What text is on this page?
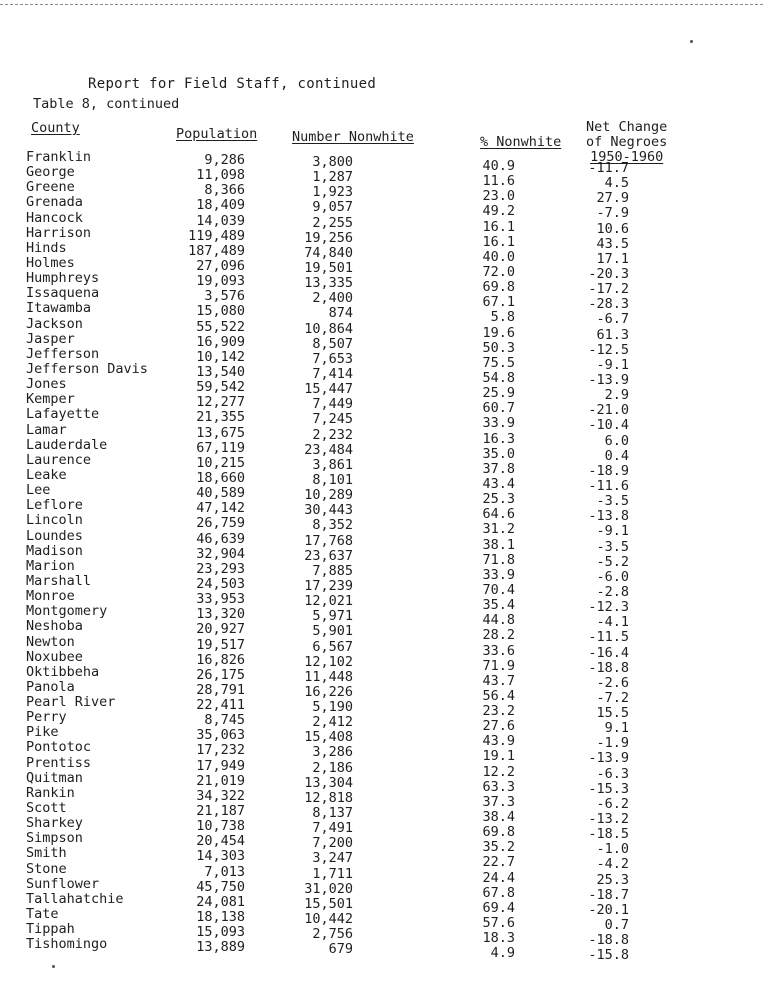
Report for Field Staff, continued
Table 8, continued
County	Population	Number Nonwhite	% Nonwhite
Net Change
of Negroes
1950-1960
Franklin	9,286	3,800	40.9	-11.7
George	11,098	1,287	11.6	4.5
Greene	8,366	1,923	23.0	27.9
Grenada	18,409	9,057	49.2	-7.9
Hancock	14,039	2,255	16.1	10.6
Harrison	119,489	19,256	16.1	43.5
Hinds	187,489	74,840	40.0	17.1
Holmes	27,096	19,501	72.0	-20.3
Humphreys	19,093	13,335	69.8	-17.2
Issaquena	3,576	2,400	67.1	-28.3
Itawamba	15,080	874	5.8	-6.7
Jackson	55,522	10,864	19.6	61.3
Jasper	16,909	8,507	50.3	-12.5
Jefferson	10,142	7,653	75.5	-9.1
Jefferson Davis	13,540	7,414	54.8	-13.9
Jones	59,542	15,447	25.9	2.9
Kemper	12,277	7,449	60.7	-21.0
Lafayette	21,355	7,245	33.9	-10.4
Lamar	13,675	2,232	16.3	6.0
Lauderdale	67,119	23,484	35.0	0.4
Laurence	10,215	3,861	37.8	-18.9
Leake	18,660	8,101	43.4	-11.6
Lee	40,589	10,289	25.3	-3.5
Leflore	47,142	30,443	64.6	-13.8
Lincoln	26,759	8,352	31.2	-9.1
Loundes	46,639	17,768	38.1	-3.5
Madison	32,904	23,637	71.8	-5.2
Marion	23,293	7,885	33.9	-6.0
Marshall	24,503	17,239	70.4	-2.8
Monroe	33,953	12,021	35.4	-12.3
Montgomery	13,320	5,971	44.8	-4.1
Neshoba	20,927	5,901	28.2	-11.5
Newton	19,517	6,567	33.6	-16.4
Noxubee	16,826	12,102	71.9	-18.8
Oktibbeha	26,175	11,448	43.7	-2.6
Panola	28,791	16,226	56.4	-7.2
Pearl River	22,411	5,190	23.2	15.5
Perry	8,745	2,412	27.6	9.1
Pike	35,063	15,408	43.9	-1.9
Pontotoc	17,232	3,286	19.1	-13.9
Prentiss	17,949	2,186	12.2	-6.3
Quitman	21,019	13,304	63.3	-15.3
Rankin	34,322	12,818	37.3	-6.2
Scott	21,187	8,137	38.4	-13.2
Sharkey	10,738	7,491	69.8	-18.5
Simpson	20,454	7,200	35.2	-1.0
Smith	14,303	3,247	22.7	-4.2
Stone	7,013	1,711	24.4	25.3
Sunflower	45,750	31,020	67.8	-18.7
Tallahatchie	24,081	15,501	69.4	-20.1
Tate	18,138	10,442	57.6	0.7
Tippah	15,093	2,756	18.3	-18.8
Tishomingo	13,889	679	4.9	-15.8
